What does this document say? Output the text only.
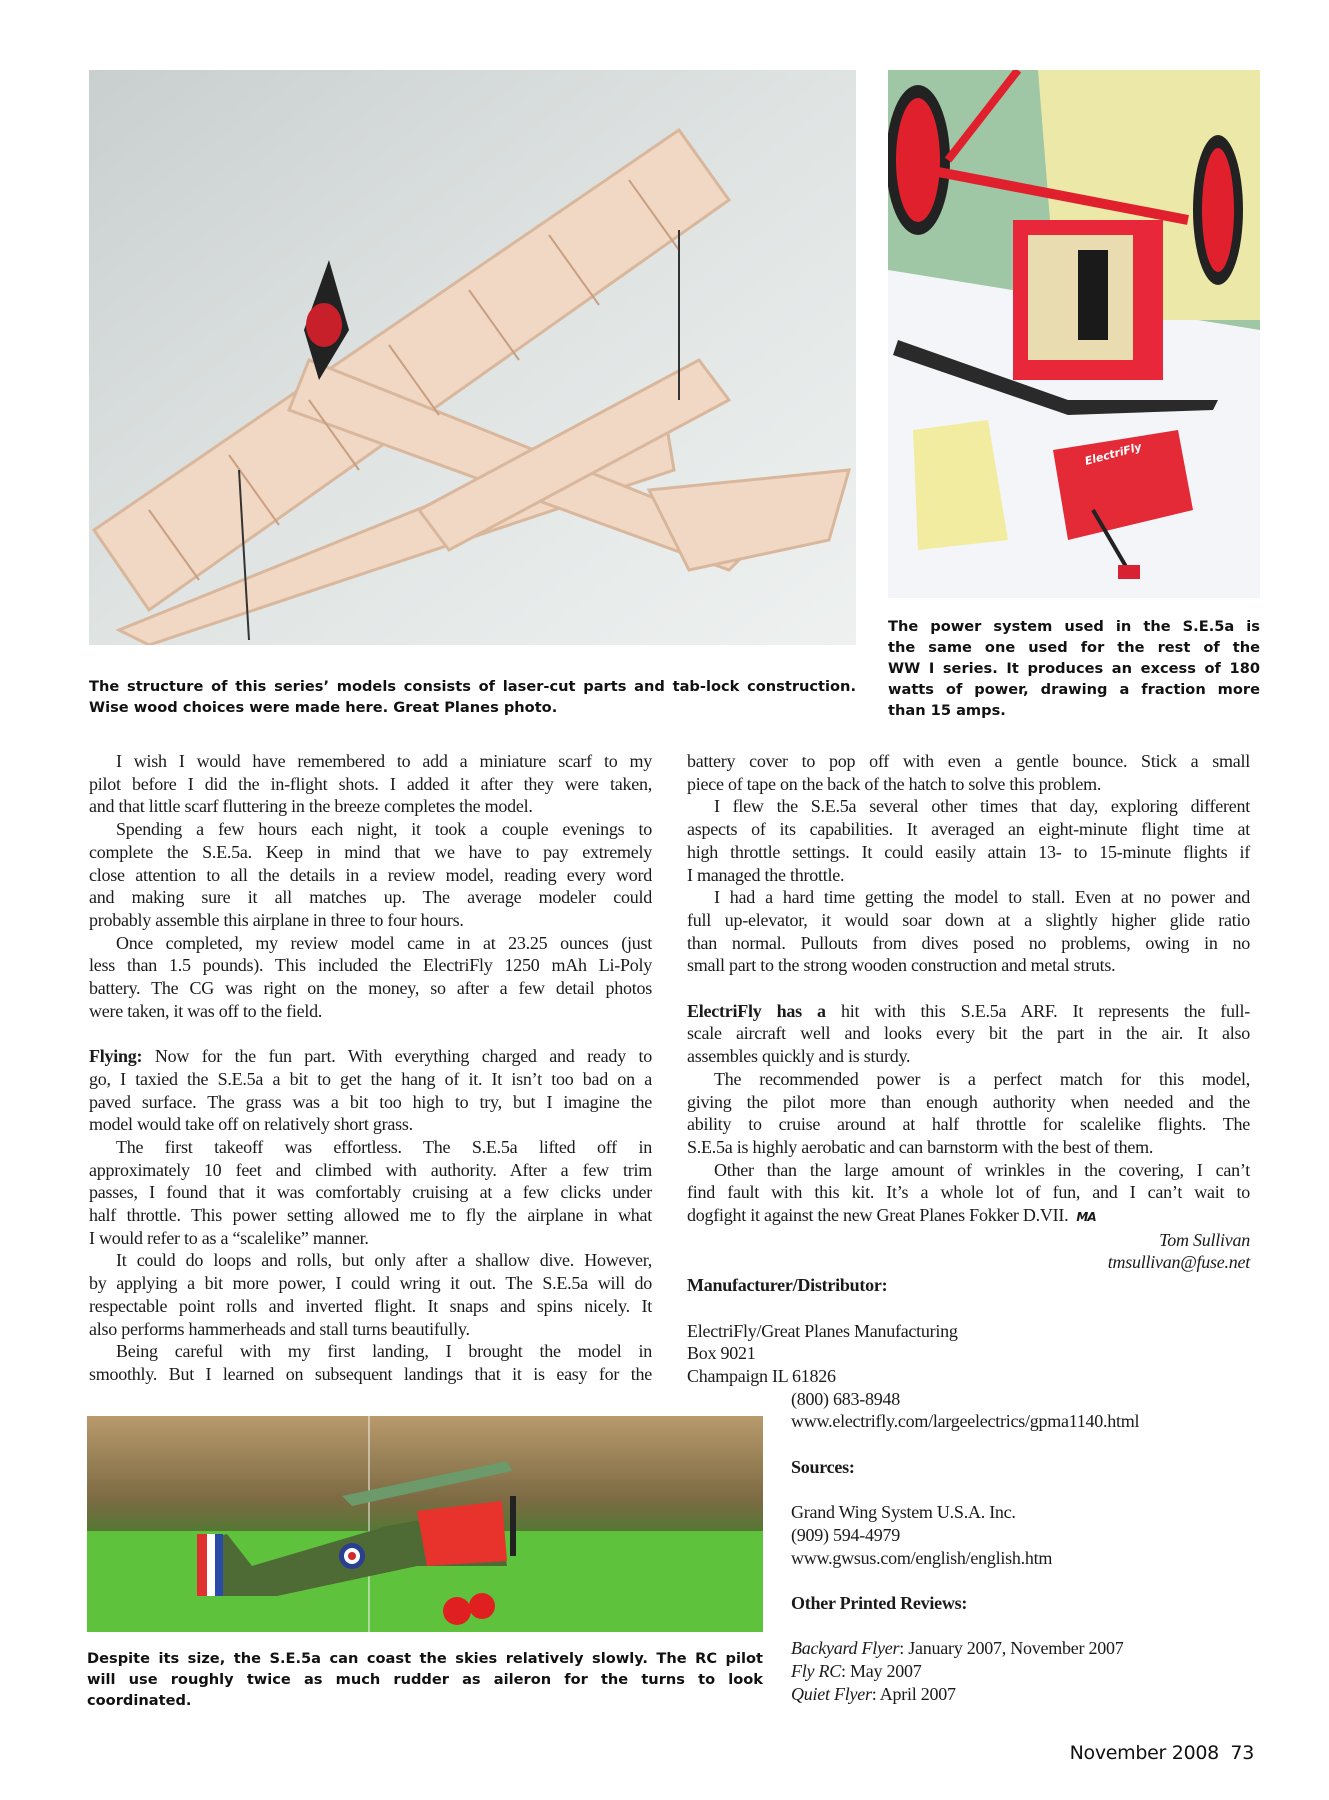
The structure of this series’ models consists of laser-cut parts and tab-lock construction.
Wise wood choices were made here. Great Planes photo.
ElectriFly
The power system used in the S.E.5a is
the same one used for the rest of the
WW I series. It produces an excess of 180
watts of power, drawing a fraction more
than 15 amps.
I wish I would have remembered to add a miniature scarf to my
pilot before I did the in-flight shots. I added it after they were taken,
and that little scarf fluttering in the breeze completes the model.
Spending a few hours each night, it took a couple evenings to
complete the S.E.5a. Keep in mind that we have to pay extremely
close attention to all the details in a review model, reading every word
and making sure it all matches up. The average modeler could
probably assemble this airplane in three to four hours.
Once completed, my review model came in at 23.25 ounces (just
less than 1.5 pounds). This included the ElectriFly 1250 mAh Li-Poly
battery. The CG was right on the money, so after a few detail photos
were taken, it was off to the field.
Flying: Now for the fun part. With everything charged and ready to
go, I taxied the S.E.5a a bit to get the hang of it. It isn’t too bad on a
paved surface. The grass was a bit too high to try, but I imagine the
model would take off on relatively short grass.
The first takeoff was effortless. The S.E.5a lifted off in
approximately 10 feet and climbed with authority. After a few trim
passes, I found that it was comfortably cruising at a few clicks under
half throttle. This power setting allowed me to fly the airplane in what
I would refer to as a “scalelike” manner.
It could do loops and rolls, but only after a shallow dive. However,
by applying a bit more power, I could wring it out. The S.E.5a will do
respectable point rolls and inverted flight. It snaps and spins nicely. It
also performs hammerheads and stall turns beautifully.
Being careful with my first landing, I brought the model in
smoothly. But I learned on subsequent landings that it is easy for the
battery cover to pop off with even a gentle bounce. Stick a small
piece of tape on the back of the hatch to solve this problem.
I flew the S.E.5a several other times that day, exploring different
aspects of its capabilities. It averaged an eight-minute flight time at
high throttle settings. It could easily attain 13- to 15-minute flights if
I managed the throttle.
I had a hard time getting the model to stall. Even at no power and
full up-elevator, it would soar down at a slightly higher glide ratio
than normal. Pullouts from dives posed no problems, owing in no
small part to the strong wooden construction and metal struts.
ElectriFly has a hit with this S.E.5a ARF. It represents the full-
scale aircraft well and looks every bit the part in the air. It also
assembles quickly and is sturdy.
The recommended power is a perfect match for this model,
giving the pilot more than enough authority when needed and the
ability to cruise around at half throttle for scalelike flights. The
S.E.5a is highly aerobatic and can barnstorm with the best of them.
Other than the large amount of wrinkles in the covering, I can’t
find fault with this kit. It’s a whole lot of fun, and I can’t wait to
dogfight it against the new Great Planes Fokker D.VII. MA
Tom Sullivan
tmsullivan@fuse.net
Manufacturer/Distributor:
ElectriFly/Great Planes Manufacturing
Box 9021
Champaign IL 61826
(800) 683-8948
www.electrifly.com/largeelectrics/gpma1140.html
Sources:
Grand Wing System U.S.A. Inc.
(909) 594-4979
www.gwsus.com/english/english.htm
Other Printed Reviews:
Backyard Flyer: January 2007, November 2007
Fly RC: May 2007
Quiet Flyer: April 2007
Despite its size, the S.E.5a can coast the skies relatively slowly. The RC pilot
will use roughly twice as much rudder as aileron for the turns to look
coordinated.
November 2008 73
